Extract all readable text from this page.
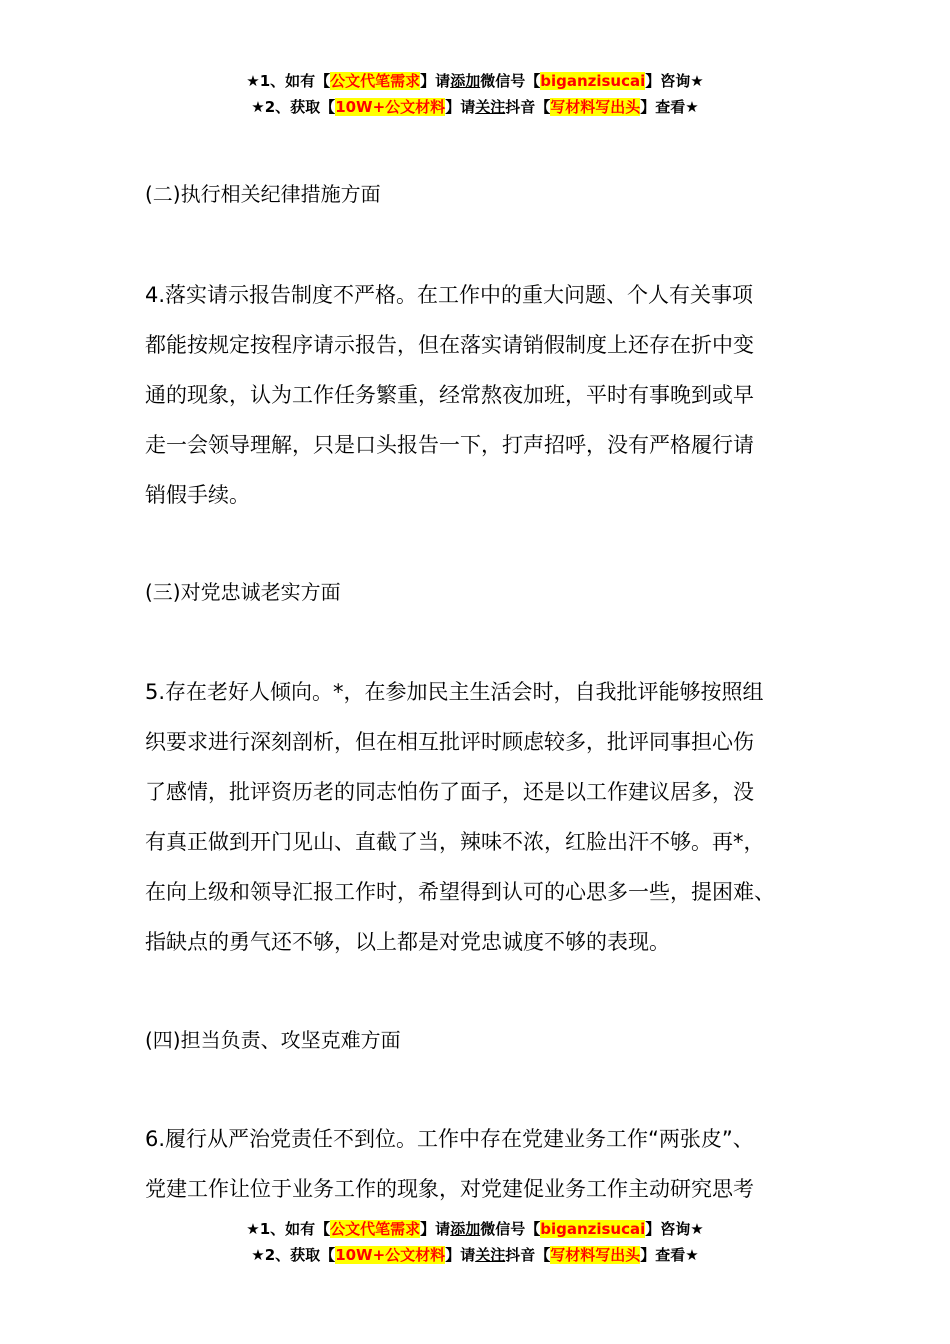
★1、如有【公文代笔需求】请添加微信号【biganzisucai】咨询★
★2、获取【10W+公文材料】请关注抖音【写材料写出头】查看★
(二)执行相关纪律措施方面
4.落实请示报告制度不严格。在工作中的重大问题、个人有关事项
都能按规定按程序请示报告，但在落实请销假制度上还存在折中变
通的现象，认为工作任务繁重，经常熬夜加班，平时有事晚到或早
走一会领导理解，只是口头报告一下，打声招呼，没有严格履行请
销假手续。
(三)对党忠诚老实方面
5.存在老好人倾向。*，在参加民主生活会时，自我批评能够按照组
织要求进行深刻剖析，但在相互批评时顾虑较多，批评同事担心伤
了感情，批评资历老的同志怕伤了面子，还是以工作建议居多，没
有真正做到开门见山、直截了当，辣味不浓，红脸出汗不够。再*，
在向上级和领导汇报工作时，希望得到认可的心思多一些，提困难、
指缺点的勇气还不够，以上都是对党忠诚度不够的表现。
(四)担当负责、攻坚克难方面
6.履行从严治党责任不到位。工作中存在党建业务工作“两张皮”、
党建工作让位于业务工作的现象，对党建促业务工作主动研究思考
★1、如有【公文代笔需求】请添加微信号【biganzisucai】咨询★
★2、获取【10W+公文材料】请关注抖音【写材料写出头】查看★
